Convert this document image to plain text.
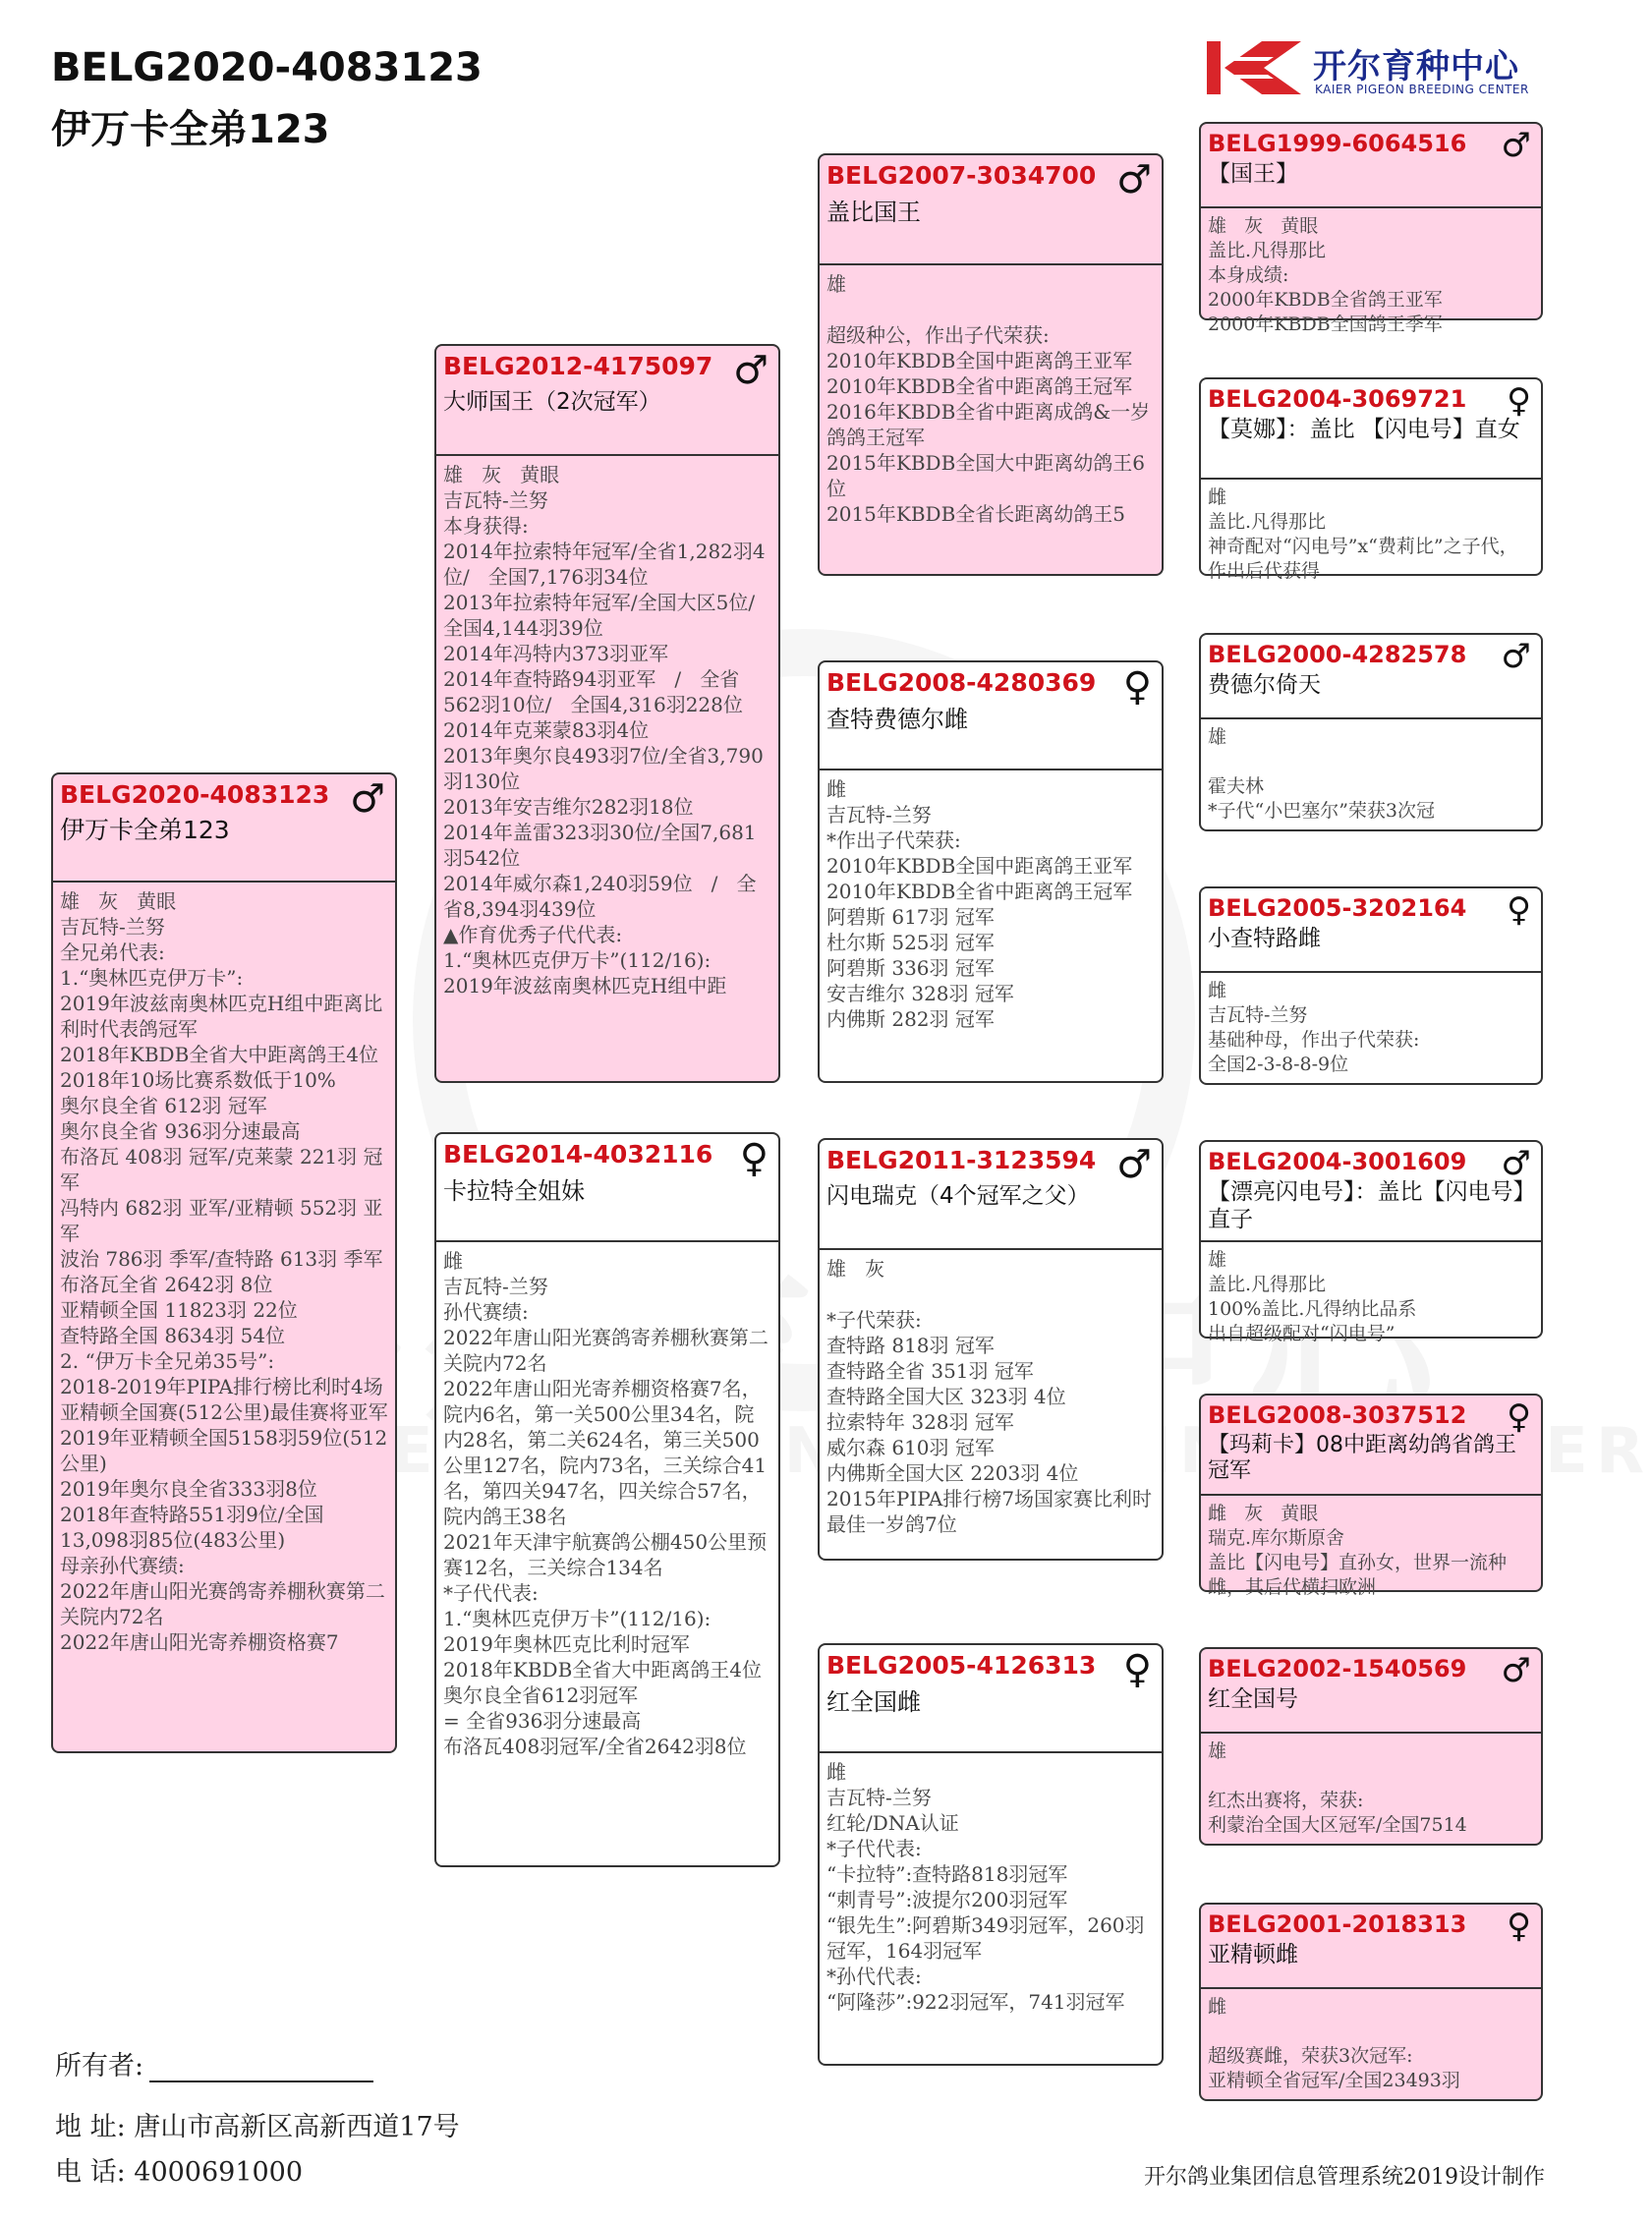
BELG2020-4083123
伊万卡全弟123
开尔育种中心
KAIER PIGEON BREEDING CENTER
BELG2020-4083123
伊万卡全弟123
♂
雄   灰   黄眼
吉瓦特-兰努
全兄弟代表:
1.“奥林匹克伊万卡”:
2019年波兹南奥林匹克H组中距离比利时代表鸽冠军
2018年KBDB全省大中距离鸽王4位
2018年10场比赛系数低于10%
奥尔良全省 612羽 冠军
奥尔良全省 936羽分速最高
布洛瓦 408羽 冠军/克莱蒙 221羽 冠军
冯特内 682羽 亚军/亚精顿 552羽 亚军
波治 786羽 季军/查特路 613羽 季军
布洛瓦全省 2642羽 8位
亚精顿全国 11823羽 22位
查特路全国 8634羽 54位
2. “伊万卡全兄弟35号”:
2018-2019年PIPA排行榜比利时4场亚精顿全国赛(512公里)最佳赛将亚军
2019年亚精顿全国5158羽59位(512公里)
2019年奥尔良全省333羽8位
2018年查特路551羽9位/全国13,098羽85位(483公里)
母亲孙代赛绩:
2022年唐山阳光赛鸽寄养棚秋赛第二关院内72名
2022年唐山阳光寄养棚资格赛7
BELG2012-4175097
大师国王（2次冠军）
♂
雄   灰   黄眼
吉瓦特-兰努
本身获得:
2014年拉索特年冠军/全省1,282羽4位/   全国7,176羽34位
2013年拉索特年冠军/全国大区5位/   全国4,144羽39位
2014年冯特内373羽亚军
2014年查特路94羽亚军   /   全省562羽10位/   全国4,316羽228位
2014年克莱蒙83羽4位
2013年奥尔良493羽7位/全省3,790羽130位
2013年安吉维尔282羽18位
2014年盖雷323羽30位/全国7,681羽542位
2014年威尔森1,240羽59位   /   全省8,394羽439位
▲作育优秀子代代表:
1.“奥林匹克伊万卡”(112/16):
2019年波兹南奥林匹克H组中距
BELG2014-4032116
卡拉特全姐妹
♀
雌
吉瓦特-兰努
孙代赛绩:
2022年唐山阳光赛鸽寄养棚秋赛第二关院内72名
2022年唐山阳光寄养棚资格赛7名，院内6名，第一关500公里34名，院内28名，第二关624名，第三关500公里127名，院内73名，三关综合41名，第四关947名，四关综合57名，院内鸽王38名
2021年天津宇航赛鸽公棚450公里预赛12名，三关综合134名
*子代代表:
1.“奥林匹克伊万卡”(112/16):
2019年奥林匹克比利时冠军
2018年KBDB全省大中距离鸽王4位
奥尔良全省612羽冠军
= 全省936羽分速最高
布洛瓦408羽冠军/全省2642羽8位
BELG2007-3034700
盖比国王
♂
雄
超级种公，作出子代荣获:
2010年KBDB全国中距离鸽王亚军
2010年KBDB全省中距离鸽王冠军
2016年KBDB全省中距离成鸽&一岁鸽鸽王冠军
2015年KBDB全国大中距离幼鸽王6位
2015年KBDB全省长距离幼鸽王5
BELG2008-4280369
查特费德尔雌
♀
雌
吉瓦特-兰努
*作出子代荣获:
2010年KBDB全国中距离鸽王亚军
2010年KBDB全省中距离鸽王冠军
阿碧斯 617羽 冠军
杜尔斯 525羽 冠军
阿碧斯 336羽 冠军
安吉维尔 328羽 冠军
内佛斯 282羽 冠军
BELG2011-3123594
闪电瑞克（4个冠军之父）
♂
雄   灰
*子代荣获:
查特路 818羽 冠军
查特路全省 351羽 冠军
查特路全国大区 323羽 4位
拉索特年 328羽 冠军
威尔森 610羽 冠军
内佛斯全国大区 2203羽 4位
2015年PIPA排行榜7场国家赛比利时
最佳一岁鸽7位
BELG2005-4126313
红全国雌
♀
雌
吉瓦特-兰努
红轮/DNA认证
*子代代表:
“卡拉特”:查特路818羽冠军
“刺青号”:波提尔200羽冠军
“银先生”:阿碧斯349羽冠军，260羽
冠军，164羽冠军
*孙代代表:
“阿隆莎”:922羽冠军，741羽冠军
BELG1999-6064516
【国王】
♂
雄   灰   黄眼
盖比.凡得那比
本身成绩:
2000年KBDB全省鸽王亚军
2000年KBDB全国鸽王季军
BELG2004-3069721
【莫娜】：盖比 【闪电号】直女
♀
雌
盖比.凡得那比
神奇配对“闪电号”x“费莉比”之子代，作出后代获得
BELG2000-4282578
费德尔倚天
♂
雄
霍夫林
*子代“小巴塞尔”荣获3次冠
BELG2005-3202164
小查特路雌
♀
雌
吉瓦特-兰努
基础种母，作出子代荣获:
全国2-3-8-8-9位
BELG2004-3001609
【漂亮闪电号】：盖比【闪电号】直子
♂
雄
盖比.凡得那比
100%盖比.凡得纳比品系
出自超级配对“闪电号”
BELG2008-3037512
【玛莉卡】08中距离幼鸽省鸽王冠军
♀
雌   灰   黄眼
瑞克.库尔斯原舍
盖比【闪电号】直孙女，世界一流种雌，其后代横扫欧洲
BELG2002-1540569
红全国号
♂
雄
红杰出赛将，荣获:
利蒙治全国大区冠军/全国7514
BELG2001-2018313
亚精顿雌
♀
雌
超级赛雌，荣获3次冠军:
亚精顿全省冠军/全国23493羽
所有者:
地 址: 唐山市高新区高新西道17号
电 话: 4000691000	开尔鸽业集团信息管理系统2019设计制作
